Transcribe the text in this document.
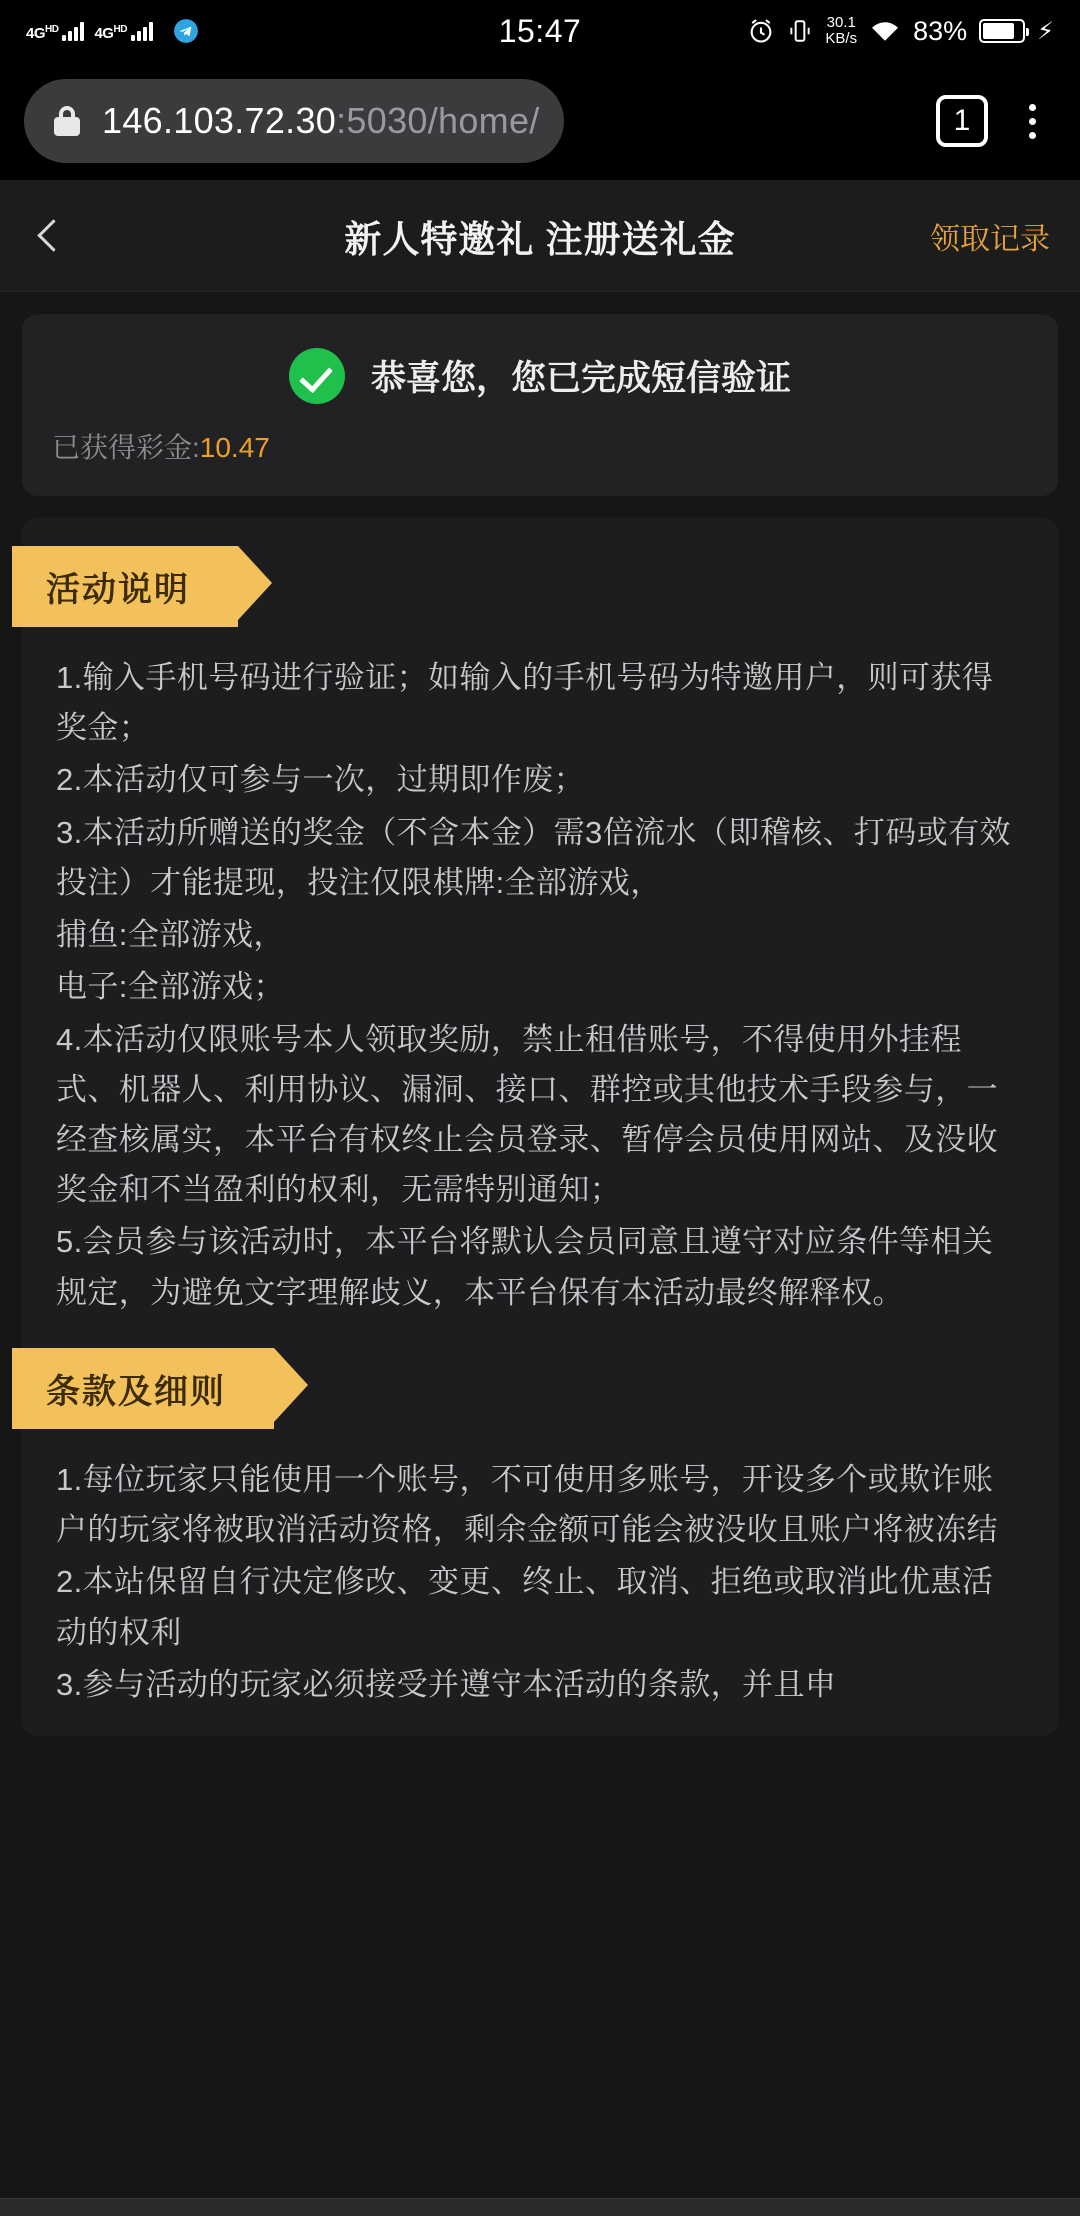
$4G^{HD}$ $4G^{HD}$	15:47	30.1
KB/s 83%	⚡
146.103.72.30:5030/home/	1
新人特邀礼 注册送礼金	领取记录
恭喜您，您已完成短信验证
已获得彩金:10.47
活动说明

1.输入手机号码进行验证；如输入的手机号码为特邀用户，则可获得奖金；

2.本活动仅可参与一次，过期即作废；

3.本活动所赠送的奖金（不含本金）需3倍流水（即稽核、打码或有效投注）才能提现，投注仅限棋牌:全部游戏，

捕鱼:全部游戏，

电子:全部游戏；

4.本活动仅限账号本人领取奖励，禁止租借账号，不得使用外挂程式、机器人、利用协议、漏洞、接口、群控或其他技术手段参与，一经查核属实，本平台有权终止会员登录、暂停会员使用网站、及没收奖金和不当盈利的权利，无需特别通知；

5.会员参与该活动时，本平台将默认会员同意且遵守对应条件等相关规定，为避免文字理解歧义，本平台保有本活动最终解释权。

条款及细则

1.每位玩家只能使用一个账号，不可使用多账号，开设多个或欺诈账户的玩家将被取消活动资格，剩余金额可能会被没收且账户将被冻结

2.本站保留自行决定修改、变更、终止、取消、拒绝或取消此优惠活动的权利

3.参与活动的玩家必须接受并遵守本活动的条款，并且申
